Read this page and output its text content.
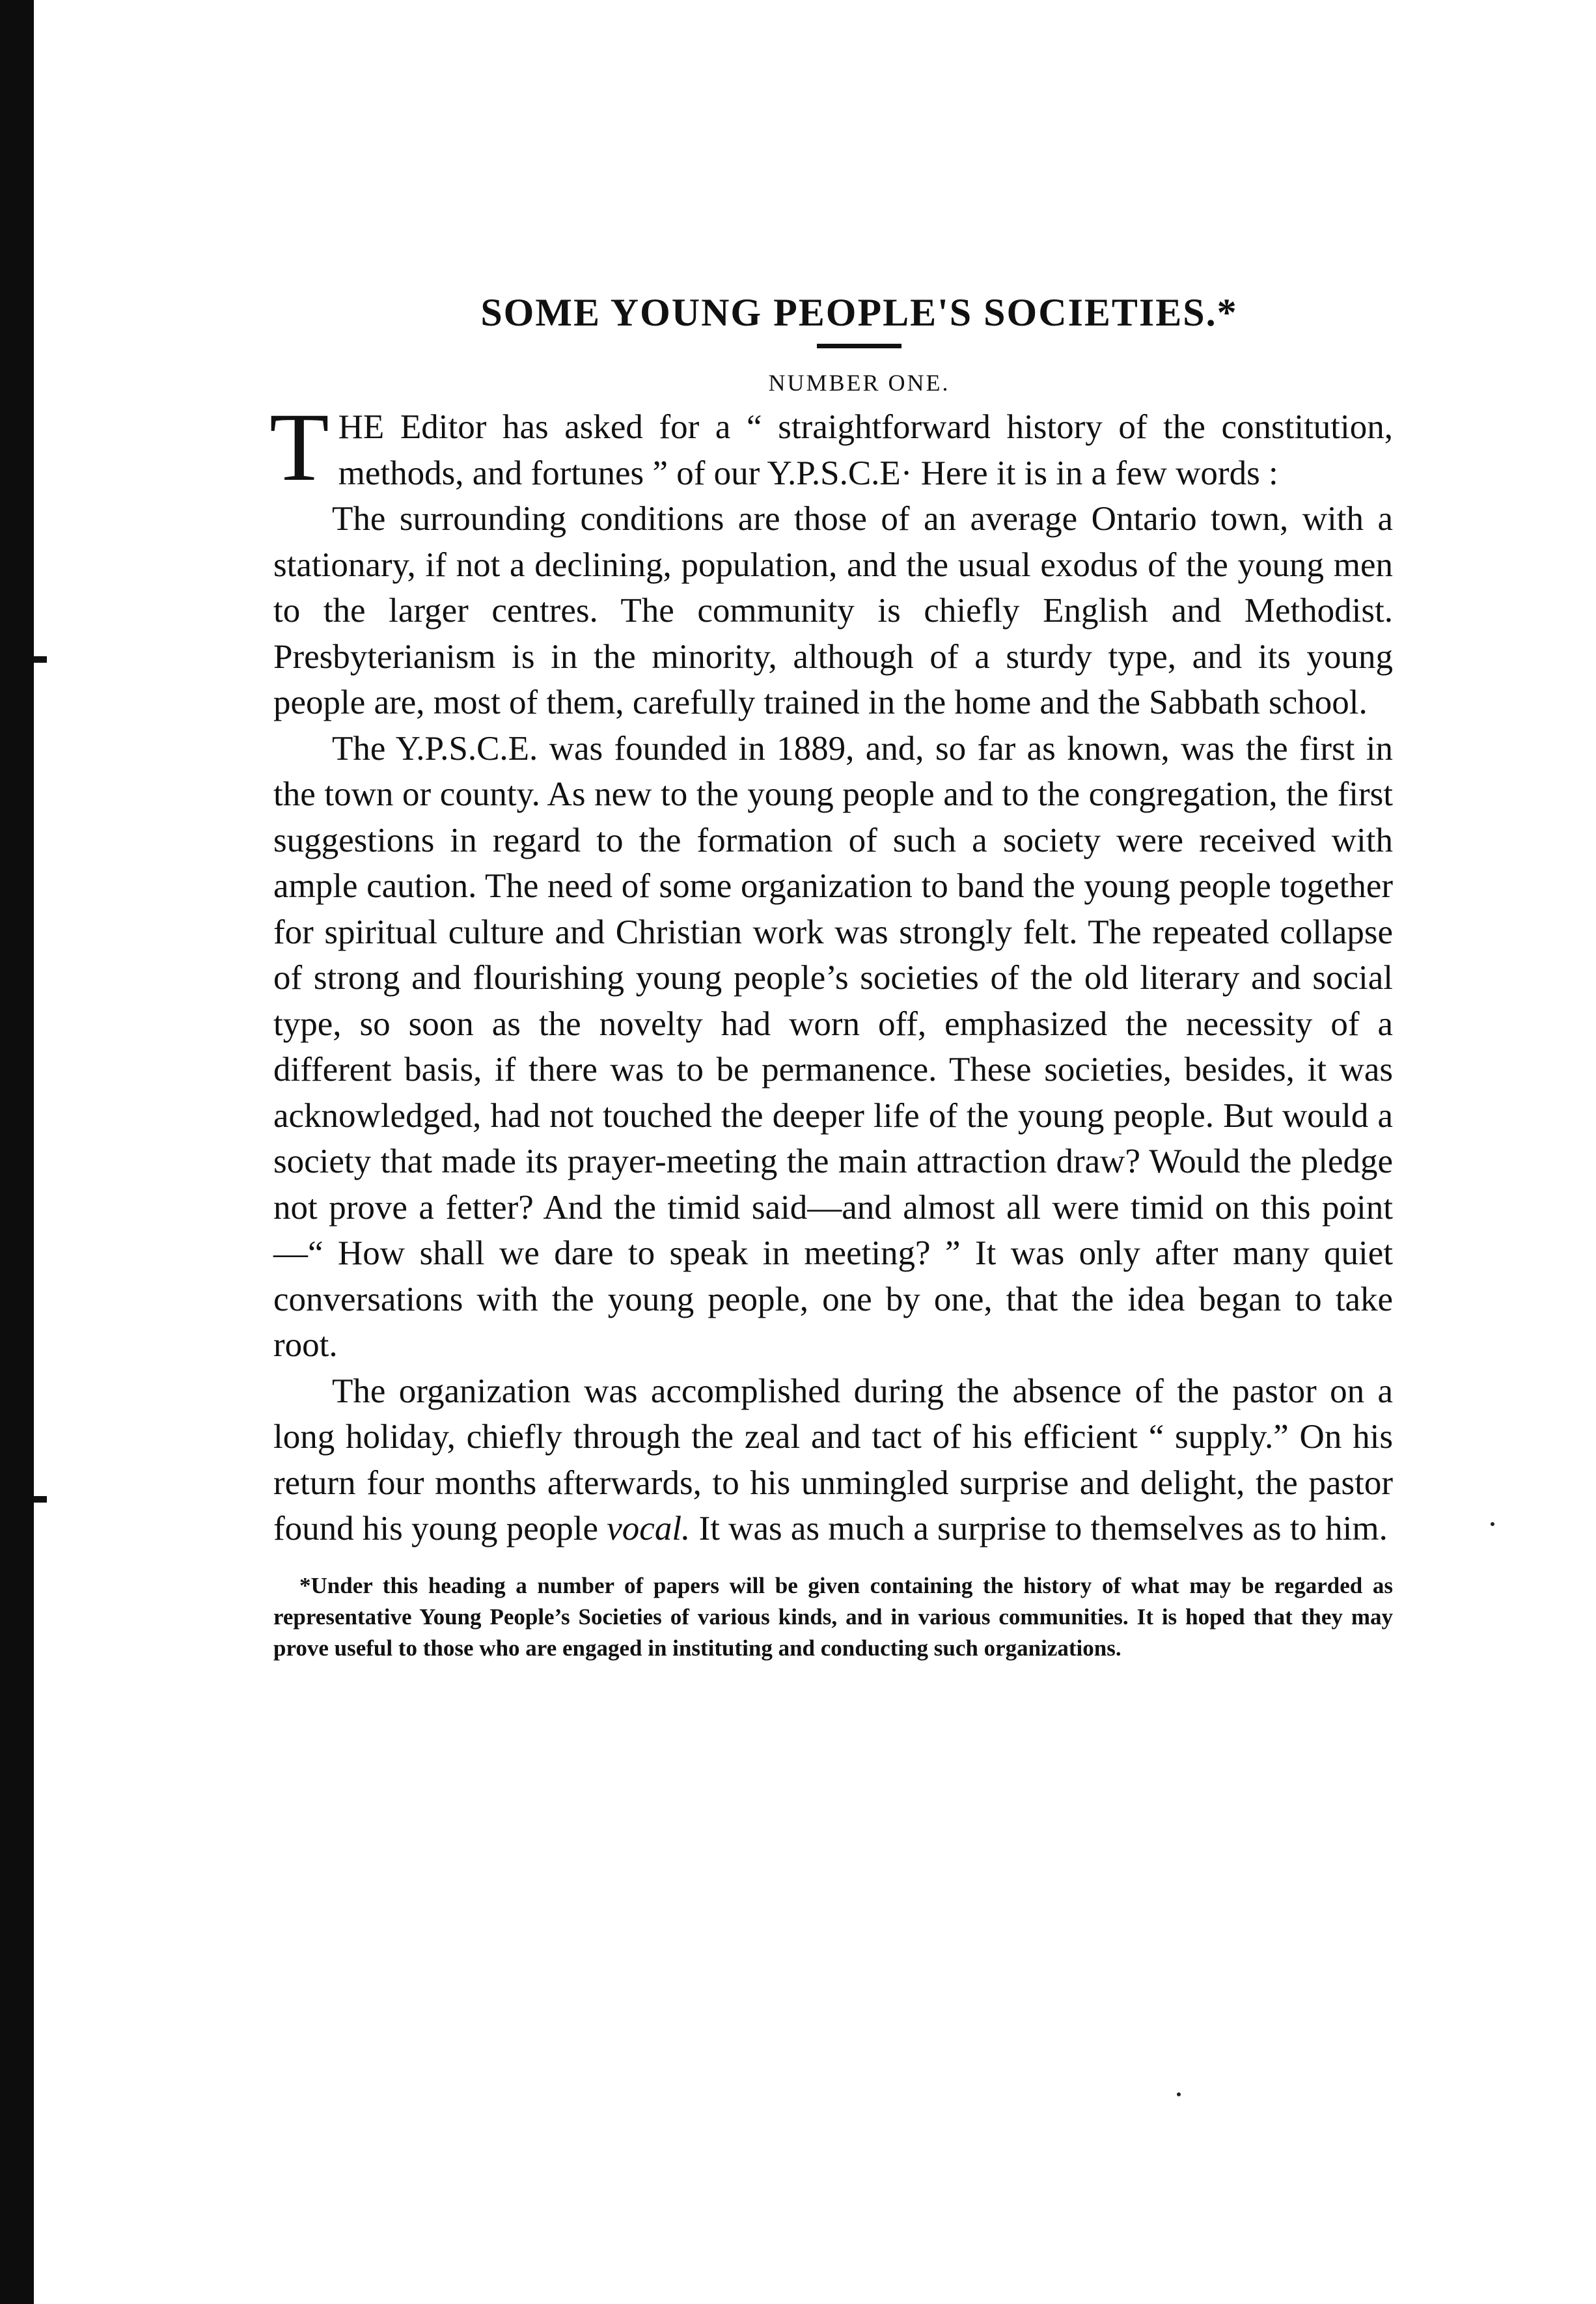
SOME YOUNG PEOPLE'S SOCIETIES.*

NUMBER ONE.

THE Editor has asked for a “ straightforward history of the constitution, methods, and fortunes ” of our Y.P.S.C.E· Here it is in a few words :

The surrounding conditions are those of an average Ontario town, with a stationary, if not a declining, population, and the usual exodus of the young men to the larger centres. The community is chiefly English and Methodist. Presbyterianism is in the minority, although of a sturdy type, and its young people are, most of them, carefully trained in the home and the Sabbath school.

The Y.P.S.C.E. was founded in 1889, and, so far as known, was the first in the town or county. As new to the young people and to the congregation, the first suggestions in regard to the formation of such a society were received with ample caution. The need of some organization to band the young people together for spiritual culture and Christian work was strongly felt. The repeated collapse of strong and flourishing young people’s societies of the old literary and social type, so soon as the novelty had worn off, emphasized the necessity of a different basis, if there was to be permanence. These societies, besides, it was acknowledged, had not touched the deeper life of the young people. But would a society that made its prayer-meeting the main attraction draw? Would the pledge not prove a fetter? And the timid said—and almost all were timid on this point—“ How shall we dare to speak in meeting? ” It was only after many quiet conversations with the young people, one by one, that the idea began to take root.

The organization was accomplished during the absence of the pastor on a long holiday, chiefly through the zeal and tact of his efficient “ supply.” On his return four months afterwards, to his unmingled surprise and delight, the pastor found his young people vocal. It was as much a surprise to themselves as to him.

*Under this heading a number of papers will be given containing the history of what may be regarded as representative Young People’s Societies of various kinds, and in various communities. It is hoped that they may prove useful to those who are engaged in instituting and conducting such organizations.
